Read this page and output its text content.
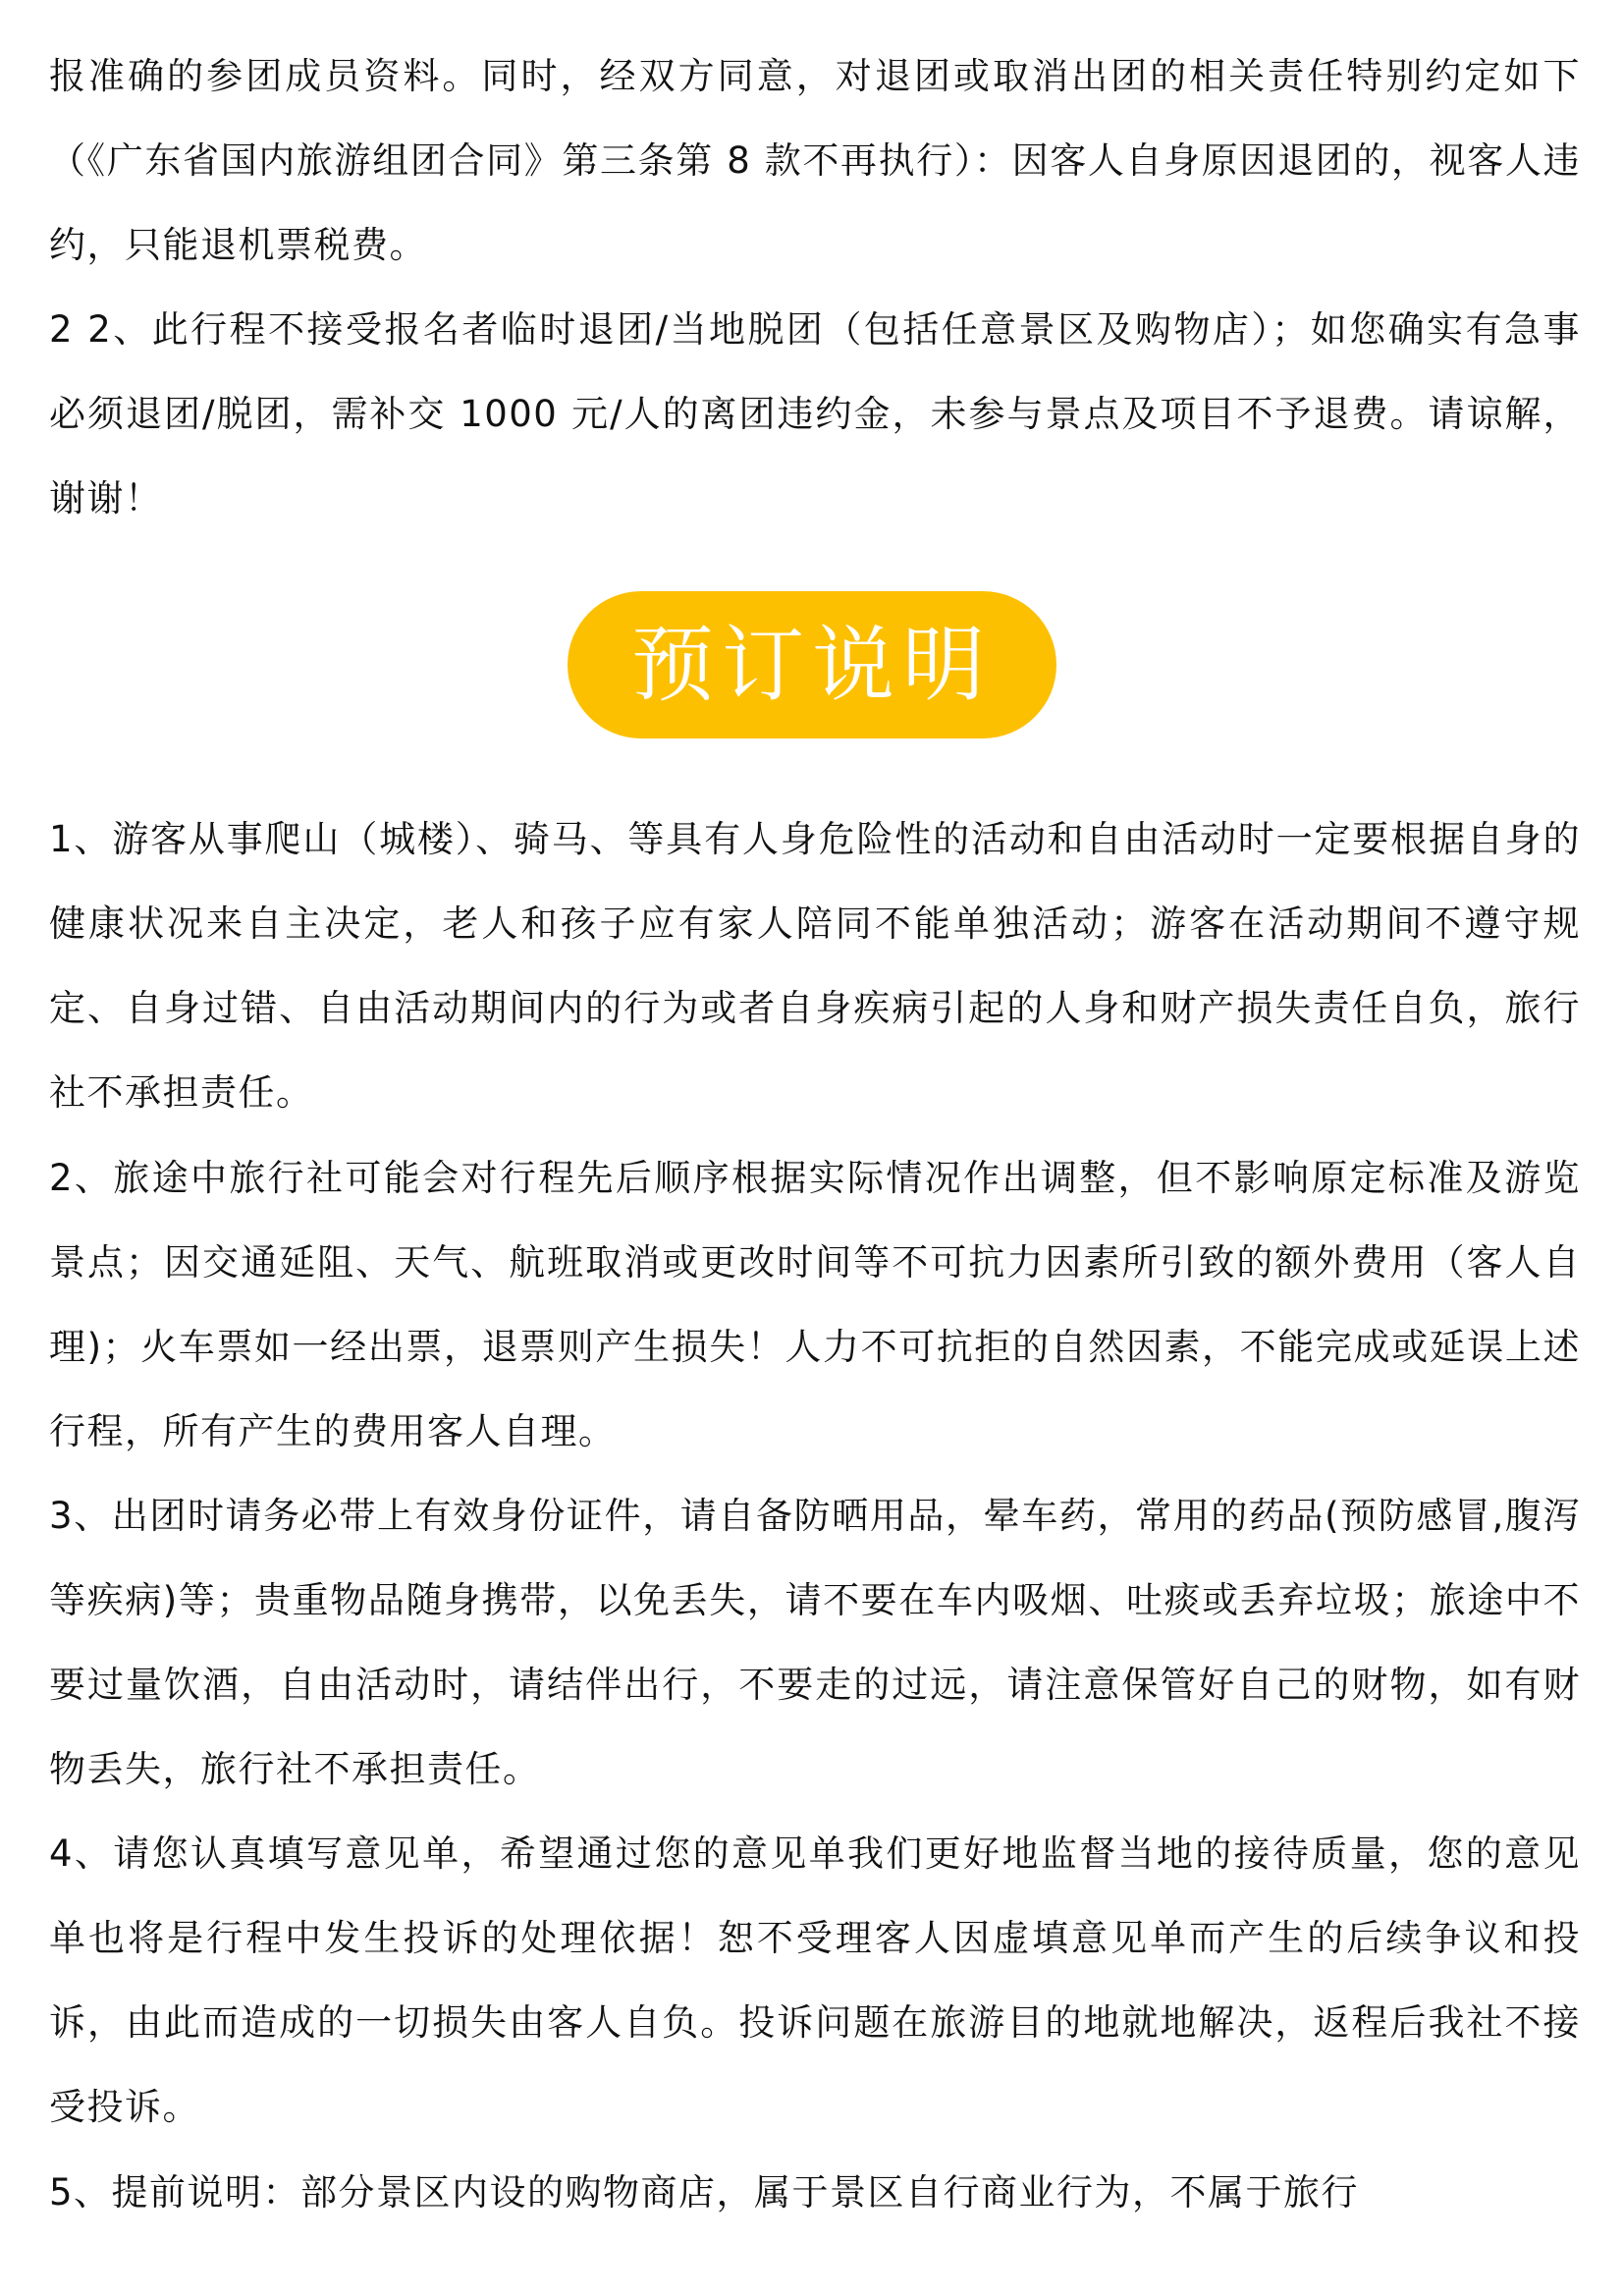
报准确的参团成员资料。同时，经双方同意，对退团或取消出团的相关责任特别约定如下（《广东省国内旅游组团合同》第三条第 8 款不再执行）：因客人自身原因退团的，视客人违约，只能退机票税费。

2 2、此行程不接受报名者临时退团/当地脱团（包括任意景区及购物店）；如您确实有急事必须退团/脱团，需补交 1000 元/人的离团违约金，未参与景点及项目不予退费。请谅解，谢谢！

预订说明

1、游客从事爬山（城楼）、骑马、等具有人身危险性的活动和自由活动时一定要根据自身的健康状况来自主决定，老人和孩子应有家人陪同不能单独活动；游客在活动期间不遵守规定、自身过错、自由活动期间内的行为或者自身疾病引起的人身和财产损失责任自负，旅行社不承担责任。

2、旅途中旅行社可能会对行程先后顺序根据实际情况作出调整，但不影响原定标准及游览景点；因交通延阻、天气、航班取消或更改时间等不可抗力因素所引致的额外费用（客人自理)；火车票如一经出票，退票则产生损失！人力不可抗拒的自然因素，不能完成或延误上述行程，所有产生的费用客人自理。

3、出团时请务必带上有效身份证件，请自备防晒用品，晕车药，常用的药品(预防感冒,腹泻等疾病)等；贵重物品随身携带，以免丢失，请不要在车内吸烟、吐痰或丢弃垃圾；旅途中不要过量饮酒，自由活动时，请结伴出行，不要走的过远，请注意保管好自己的财物，如有财物丢失，旅行社不承担责任。

4、请您认真填写意见单，希望通过您的意见单我们更好地监督当地的接待质量，您的意见单也将是行程中发生投诉的处理依据！恕不受理客人因虚填意见单而产生的后续争议和投诉，由此而造成的一切损失由客人自负。投诉问题在旅游目的地就地解决，返程后我社不接受投诉。

5、提前说明：部分景区内设的购物商店，属于景区自行商业行为，不属于旅行
